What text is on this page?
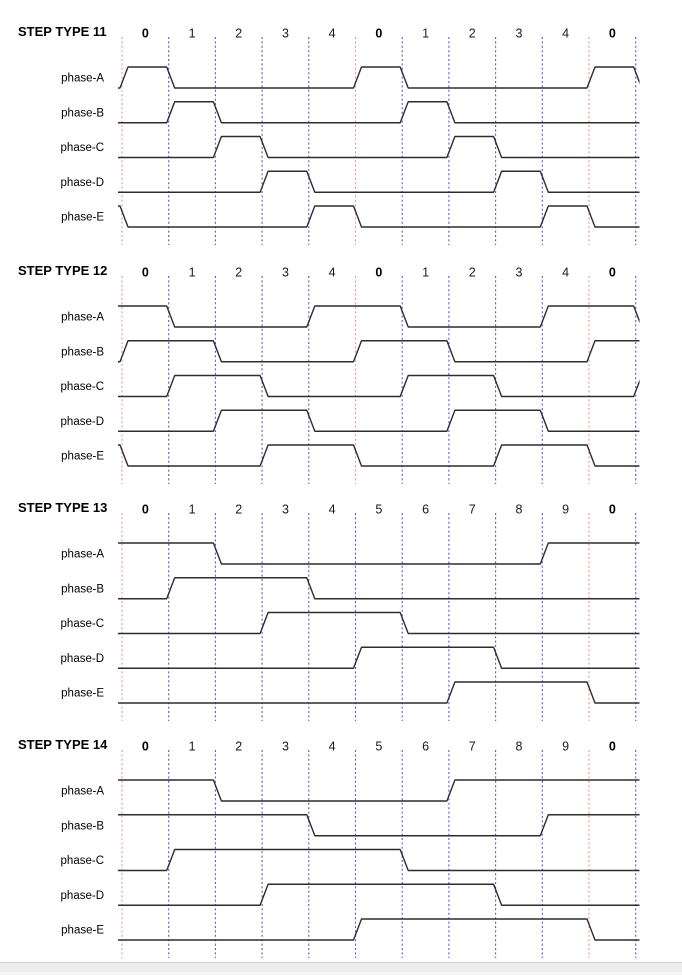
STEP TYPE 11	0	1	2	3	4	0	1	2	3	4	0
phase-A
phase-B
phase-C
phase-D
phase-E
STEP TYPE 12	0	1	2	3	4	0	1	2	3	4	0
phase-A
phase-B
phase-C
phase-D
phase-E
STEP TYPE 13	0	1	2	3	4	5	6	7	8	9	0
phase-A
phase-B
phase-C
phase-D
phase-E
STEP TYPE 14	0	1	2	3	4	5	6	7	8	9	0
phase-A
phase-B
phase-C
phase-D
phase-E
